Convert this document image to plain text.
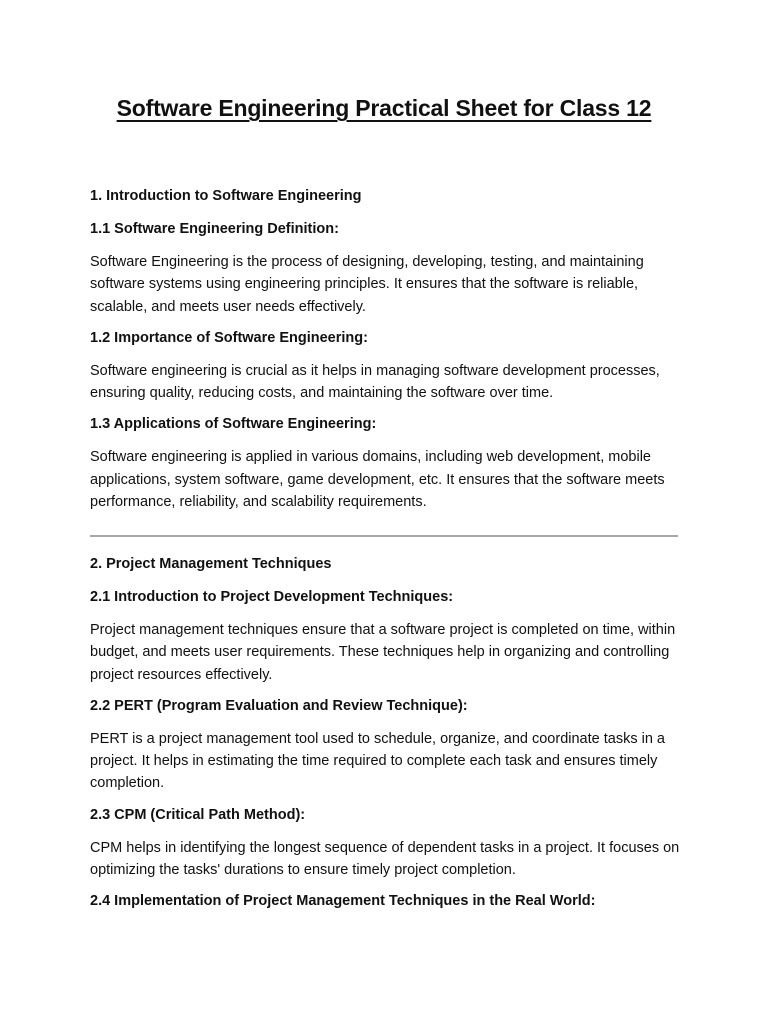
Software Engineering Practical Sheet for Class 12
1. Introduction to Software Engineering
1.1 Software Engineering Definition:
Software Engineering is the process of designing, developing, testing, and maintaining software systems using engineering principles. It ensures that the software is reliable, scalable, and meets user needs effectively.
1.2 Importance of Software Engineering:
Software engineering is crucial as it helps in managing software development processes, ensuring quality, reducing costs, and maintaining the software over time.
1.3 Applications of Software Engineering:
Software engineering is applied in various domains, including web development, mobile applications, system software, game development, etc. It ensures that the software meets performance, reliability, and scalability requirements.
2. Project Management Techniques
2.1 Introduction to Project Development Techniques:
Project management techniques ensure that a software project is completed on time, within budget, and meets user requirements. These techniques help in organizing and controlling project resources effectively.
2.2 PERT (Program Evaluation and Review Technique):
PERT is a project management tool used to schedule, organize, and coordinate tasks in a project. It helps in estimating the time required to complete each task and ensures timely completion.
2.3 CPM (Critical Path Method):
CPM helps in identifying the longest sequence of dependent tasks in a project. It focuses on optimizing the tasks' durations to ensure timely project completion.
2.4 Implementation of Project Management Techniques in the Real World:
